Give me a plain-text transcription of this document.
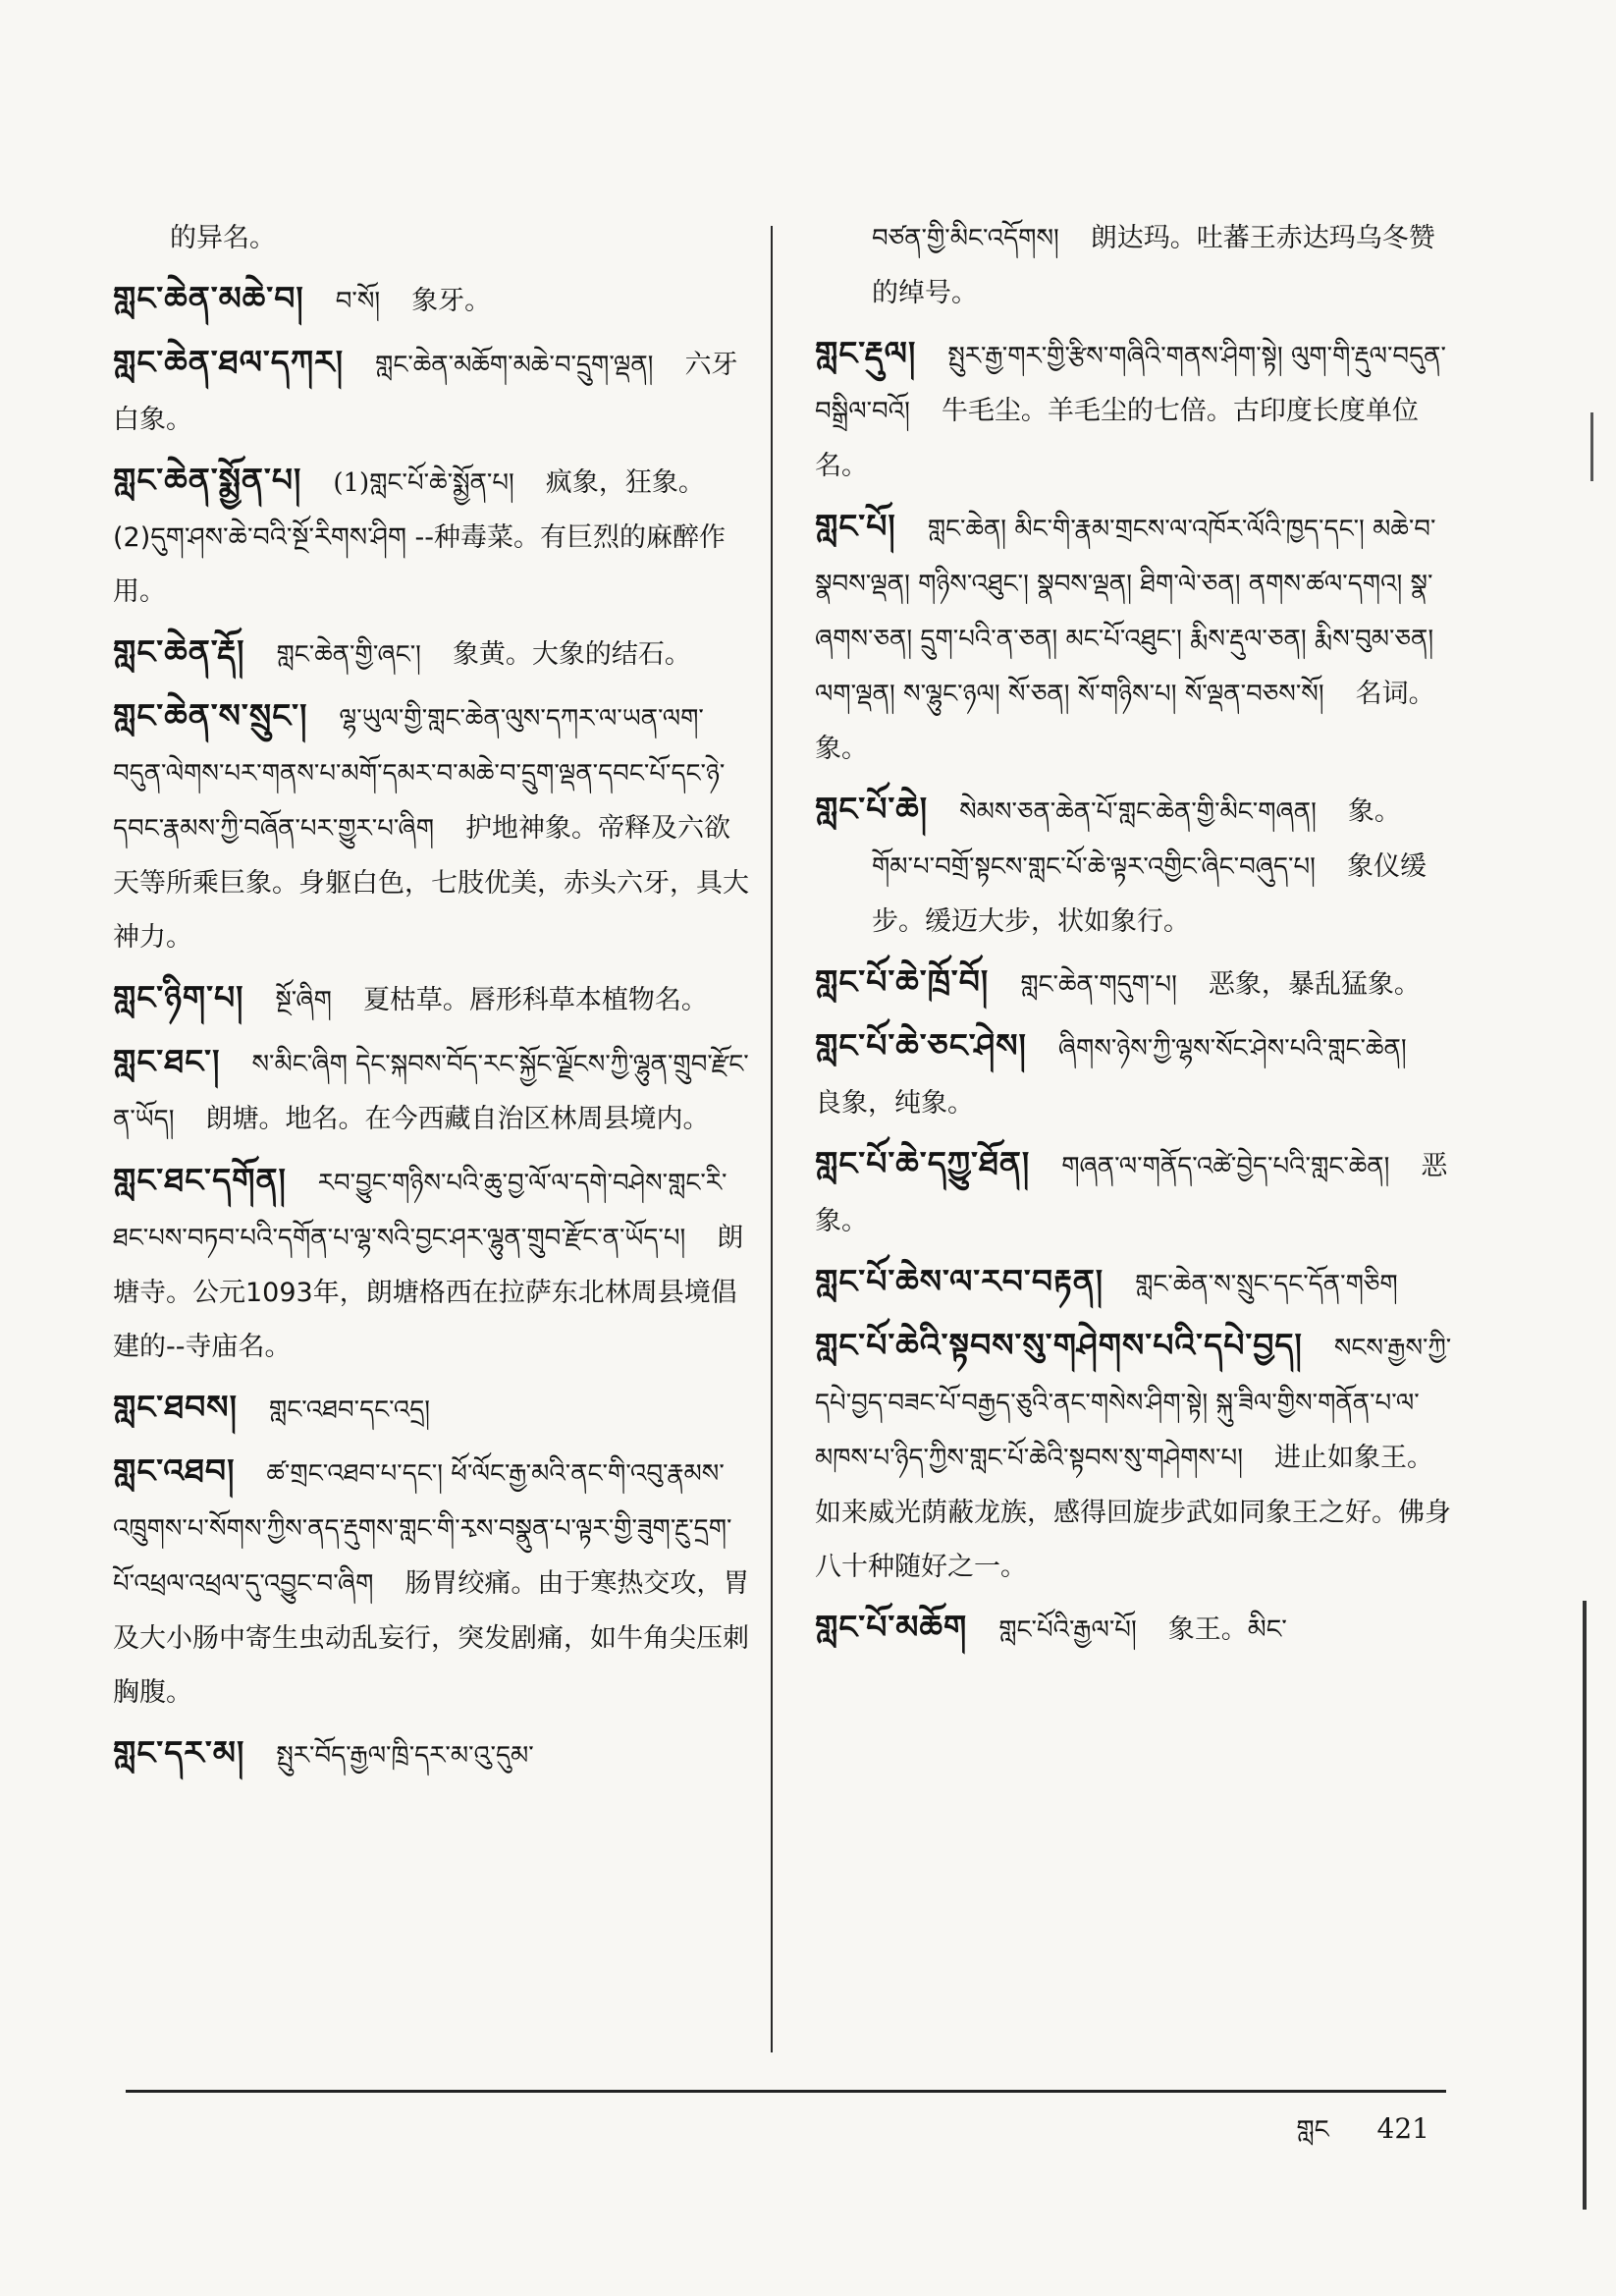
的异名。
གླང་ཆེན་མཆེ་བ། བ་སོ། 象牙。
གླང་ཆེན་ཐལ་དཀར། གླང་ཆེན་མཆོག་མཆེ་བ་དྲུག་ལྡན། 六牙白象。
གླང་ཆེན་སྨྱོན་པ། (1)གླང་པོ་ཆེ་སྨྱོན་པ། 疯象，狂象。(2)དུག་ཤས་ཆེ་བའི་སྔོ་རིགས་ཤིག --种毒菜。有巨烈的麻醉作用。
གླང་ཆེན་རྡོ། གླང་ཆེན་གྱི་ཞང་། 象黄。大象的结石。
གླང་ཆེན་ས་སྲུང་། ལྷ་ཡུལ་གྱི་གླང་ཆེན་ལུས་དཀར་ལ་ཡན་ལག་བདུན་ལེགས་པར་གནས་པ་མགོ་དམར་བ་མཆེ་བ་དྲུག་ལྡན་དབང་པོ་དང་ཉེ་དབང་རྣམས་ཀྱི་བཞོན་པར་གྱུར་པ་ཞིག 护地神象。帝释及六欲天等所乘巨象。身躯白色，七肢优美，赤头六牙，具大神力。
གླང་ཉིག་པ། སྔོ་ཞིག 夏枯草。唇形科草本植物名。
གླང་ཐང་། ས་མིང་ཞིག དེང་སྐབས་བོད་རང་སྐྱོང་ལྗོངས་ཀྱི་ལྷུན་གྲུབ་རྫོང་ན་ཡོད། 朗塘。地名。在今西藏自治区林周县境内。
གླང་ཐང་དགོན། རབ་བྱུང་གཉིས་པའི་ཆུ་བྱ་ལོ་ལ་དགེ་བཤེས་གླང་རི་ཐང་པས་བཏབ་པའི་དགོན་པ་ལྷ་སའི་བྱང་ཤར་ལྷུན་གྲུབ་རྫོང་ན་ཡོད་པ། 朗塘寺。公元1093年，朗塘格西在拉萨东北林周县境倡建的--寺庙名。
གླང་ཐབས། གླང་འཐབ་དང་འདྲ།
གླང་འཐབ། ཚ་གྲང་འཐབ་པ་དང་། ཕོ་ལོང་རྒྱ་མའི་ནང་གི་འབུ་རྣམས་འཁྲུགས་པ་སོགས་ཀྱིས་ནད་རྡུགས་གླང་གི་རྭས་བསྣུན་པ་ལྟར་གྱི་ཟུག་རྔུ་དྲག་པོ་འཕྲལ་འཕྲལ་དུ་འབྱུང་བ་ཞིག 肠胃绞痛。由于寒热交攻，胃及大小肠中寄生虫动乱妄行，突发剧痛，如牛角尖压刺胸腹。
གླང་དར་མ། སྤུར་བོད་རྒྱལ་ཁྲི་དར་མ་འུ་དུམ་
བཙན་གྱི་མིང་འདོགས། 朗达玛。吐蕃王赤达玛乌冬赞的绰号。
གླང་རྡུལ། སྤུར་རྒྱ་གར་གྱི་རྩིས་གཞིའི་གནས་ཤིག་སྟེ། ལུག་གི་རྡུལ་བདུན་བསྒྲིལ་བའོ། 牛毛尘。羊毛尘的七倍。古印度长度单位名。
གླང་པོ། གླང་ཆེན། མིང་གི་རྣམ་གྲངས་ལ་འཁོར་ལོའི་ཁྱད་དང་། མཆེ་བ་སྣབས་ལྡན། གཉིས་འཐུང་། སྣབས་ལྡན། ཐིག་ལེ་ཅན། ནགས་ཚལ་དགའ། སྣ་ཞགས་ཅན། དྲུག་པའི་ན་ཅན། མང་པོ་འཐུང་། རྨིས་རྡུལ་ཅན། རྨིས་བུམ་ཅན། ལག་ལྡན། ས་ལྷུང་ཉལ། སོ་ཅན། སོ་གཉིས་པ། སོ་ལྡན་བཅས་སོ། 名词。象。
གླང་པོ་ཆེ། སེམས་ཅན་ཆེན་པོ་གླང་ཆེན་གྱི་མིང་གཞན། 象。
གོམ་པ་བགྲོ་སྟངས་གླང་པོ་ཆེ་ལྟར་འགྱིང་ཞིང་བཞུད་པ། 象仪缓步。缓迈大步，状如象行。
གླང་པོ་ཆེ་ཁྲོ་བོ། གླང་ཆེན་གདུག་པ། 恶象，暴乱猛象。
གླང་པོ་ཆེ་ཅང་ཤེས། ཞིགས་ཉེས་ཀྱི་ལྷས་སོང་ཤེས་པའི་གླང་ཆེན།良象，纯象。
གླང་པོ་ཆེ་དཀྱུ་ཐོན། གཞན་ལ་གནོད་འཚེ་བྱེད་པའི་གླང་ཆེན། 恶象。
གླང་པོ་ཆེས་ལ་རབ་བརྟན། གླང་ཆེན་ས་སྲུང་དང་དོན་གཅིག
གླང་པོ་ཆེའི་སྟབས་སུ་གཤེགས་པའི་དཔེ་བྱད། སངས་རྒྱས་ཀྱི་དཔེ་བྱད་བཟང་པོ་བརྒྱད་ཅུའི་ནང་གསེས་ཤིག་སྟེ། སྐུ་ཟིལ་གྱིས་གནོན་པ་ལ་མཁས་པ་ཉིད་ཀྱིས་གླང་པོ་ཆེའི་སྟབས་སུ་གཤེགས་པ། 进止如象王。如来威光荫蔽龙族，感得回旋步武如同象王之好。佛身八十种随好之一。
གླང་པོ་མཆོག གླང་པོའི་རྒྱལ་པོ། 象王。མིང་
གླང 421
